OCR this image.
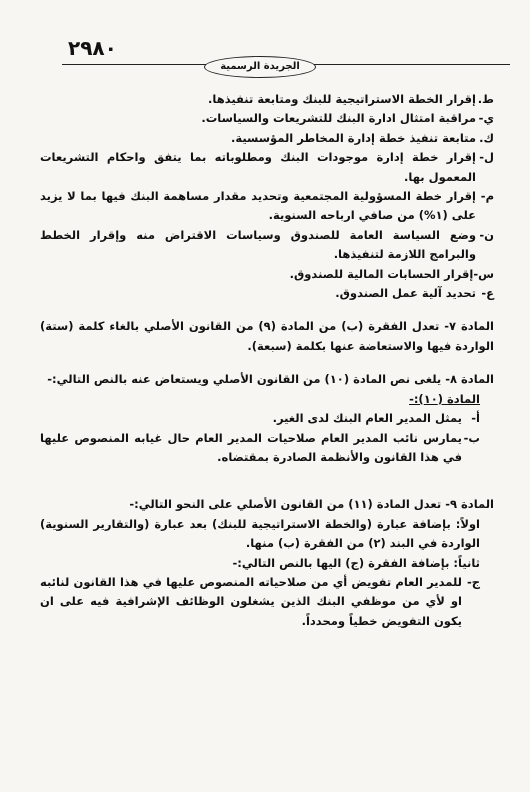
٢٩٨٠
الجريدة الرسمية
ط.
إقرار الخطة الاستراتيجية للبنك ومتابعة تنفيذها.
ي-
مراقبة امتثال ادارة البنك للتشريعات والسياسات.
ك.
متابعة تنفيذ خطة إدارة المخاطر المؤسسية.
ل-
إقرار خطة إدارة موجودات البنك ومطلوباته بما يتفق واحكام التشريعات المعمول بها.
م-
إقرار خطة المسؤولية المجتمعية وتحديد مقدار مساهمة البنك فيها بما لا يزيد على (١%) من صافي ارباحه السنوية.
ن-
وضع السياسة العامة للصندوق وسياسات الاقتراض منه وإقرار الخطط والبرامج اللازمة لتنفيذها.
س-
إقرار الحسابات المالية للصندوق.
ع-
تحديد آلية عمل الصندوق.
المادة ٧- تعدل الفقرة (ب) من المادة (٩) من القانون الأصلي بالغاء كلمة (ستة) الواردة فيها والاستعاضة عنها بكلمة (سبعة).
المادة ٨- يلغى نص المادة (١٠) من القانون الأصلي ويستعاض عنه بالنص التالي:-
المادة (١٠):-
أ-
يمثل المدير العام البنك لدى الغير.
ب-
يمارس نائب المدير العام صلاحيات المدير العام حال غيابه المنصوص عليها في هذا القانون والأنظمة الصادرة بمقتضاه.
المادة ٩- تعدل المادة (١١) من القانون الأصلي على النحو التالي:-
اولاً: بإضافة عبارة (والخطة الاستراتيجية للبنك) بعد عبارة (والتقارير السنوية) الواردة في البند (٢) من الفقرة (ب) منها.
ثانياً: بإضافة الفقرة (ج) اليها بالنص التالي:-
ج-
للمدير العام تفويض أي من صلاحياته المنصوص عليها في هذا القانون لنائبه او لأي من موظفي البنك الذين يشغلون الوظائف الإشرافية فيه على ان يكون التفويض خطياً ومحدداً.
